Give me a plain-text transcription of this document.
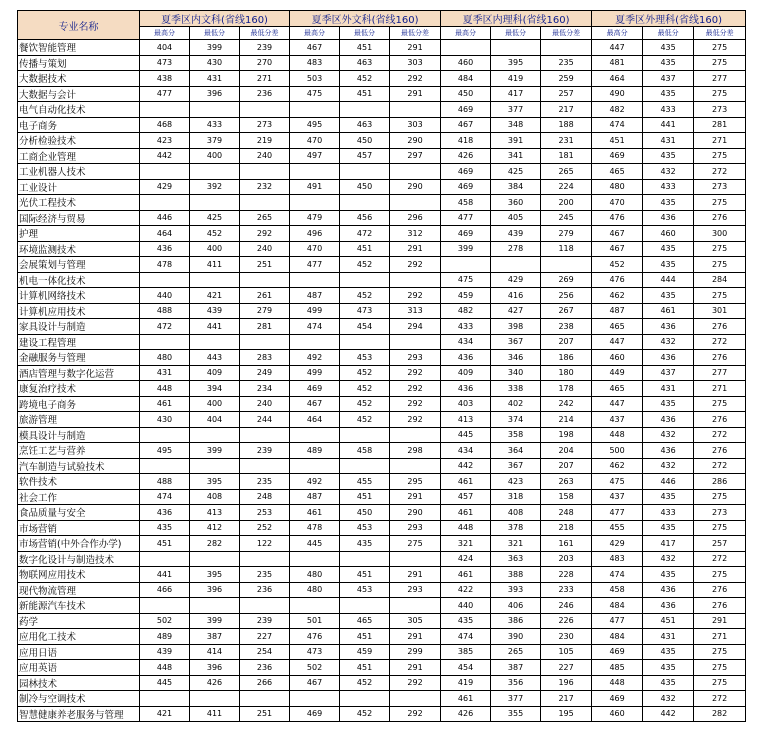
专业名称	夏季区内文科(省线160)			夏季区外文科(省线160)			夏季区内理科(省线160)			夏季区外理科(省线160)		
	最高分	最低分	最低分差	最高分	最低分	最低分差	最高分	最低分	最低分差	最高分	最低分	最低分差
餐饮智能管理	404	399	239	467	451	291				447	435	275
传播与策划	473	430	270	483	463	303	460	395	235	481	435	275
大数据技术	438	431	271	503	452	292	484	419	259	464	437	277
大数据与会计	477	396	236	475	451	291	450	417	257	490	435	275
电气自动化技术							469	377	217	482	433	273
电子商务	468	433	273	495	463	303	467	348	188	474	441	281
分析检验技术	423	379	219	470	450	290	418	391	231	451	431	271
工商企业管理	442	400	240	497	457	297	426	341	181	469	435	275
工业机器人技术							469	425	265	465	432	272
工业设计	429	392	232	491	450	290	469	384	224	480	433	273
光伏工程技术							458	360	200	470	435	275
国际经济与贸易	446	425	265	479	456	296	477	405	245	476	436	276
护理	464	452	292	496	472	312	469	439	279	467	460	300
环境监测技术	436	400	240	470	451	291	399	278	118	467	435	275
会展策划与管理	478	411	251	477	452	292				452	435	275
机电一体化技术							475	429	269	476	444	284
计算机网络技术	440	421	261	487	452	292	459	416	256	462	435	275
计算机应用技术	488	439	279	499	473	313	482	427	267	487	461	301
家具设计与制造	472	441	281	474	454	294	433	398	238	465	436	276
建设工程管理							434	367	207	447	432	272
金融服务与管理	480	443	283	492	453	293	436	346	186	460	436	276
酒店管理与数字化运营	431	409	249	499	452	292	409	340	180	449	437	277
康复治疗技术	448	394	234	469	452	292	436	338	178	465	431	271
跨境电子商务	461	400	240	467	452	292	403	402	242	447	435	275
旅游管理	430	404	244	464	452	292	413	374	214	437	436	276
模具设计与制造							445	358	198	448	432	272
烹饪工艺与营养	495	399	239	489	458	298	434	364	204	500	436	276
汽车制造与试验技术							442	367	207	462	432	272
软件技术	488	395	235	492	455	295	461	423	263	475	446	286
社会工作	474	408	248	487	451	291	457	318	158	437	435	275
食品质量与安全	436	413	253	461	450	290	461	408	248	477	433	273
市场营销	435	412	252	478	453	293	448	378	218	455	435	275
市场营销(中外合作办学)	451	282	122	445	435	275	321	321	161	429	417	257
数字化设计与制造技术							424	363	203	483	432	272
物联网应用技术	441	395	235	480	451	291	461	388	228	474	435	275
现代物流管理	466	396	236	480	453	293	422	393	233	458	436	276
新能源汽车技术							440	406	246	484	436	276
药学	502	399	239	501	465	305	435	386	226	477	451	291
应用化工技术	489	387	227	476	451	291	474	390	230	484	431	271
应用日语	439	414	254	473	459	299	385	265	105	469	435	275
应用英语	448	396	236	502	451	291	454	387	227	485	435	275
园林技术	445	426	266	467	452	292	419	356	196	448	435	275
制冷与空调技术							461	377	217	469	432	272
智慧健康养老服务与管理	421	411	251	469	452	292	426	355	195	460	442	282
